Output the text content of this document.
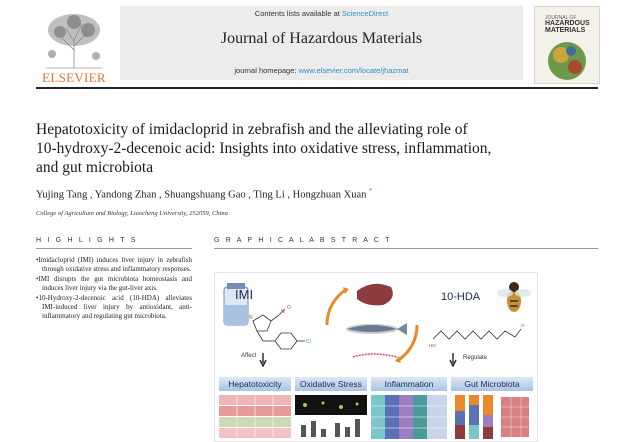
ELSEVIER
Contents lists available at ScienceDirect
Journal of Hazardous Materials
journal homepage: www.elsevier.com/locate/jhazmat
JOURNAL OF
HAZARDOUS MATERIALS
Hepatotoxicity of imidacloprid in zebrafish and the alleviating role of
10-hydroxy-2-decenoic acid: Insights into oxidative stress, inflammation,
and gut microbiota
Yujing Tang , Yandong Zhan , Shuangshuang Gao , Ting Li , Hongzhuan Xuan *
College of Agriculture and Biology, Liaocheng University, 252059, China
H I G H L I G H T S
• Imidacloprid (IMI) induces liver injury in zebrafish through oxidative stress and inflammatory responses.
• IMI disrupts the gut microbiota homeostasis and induces liver injury via the gut-liver axis.
• 10-Hydroxy-2-decenoic acid (10-HDA) alleviates IMI-induced liver injury by antioxidant, anti-inflammatory and regulating gut microbiota.
G R A P H I C A L A B S T R A C T
IMI
N
O
N
Cl
Affect
10-HDA
HO
O
Regulate
Hepatotoxicity	Oxidative Stress	Inflammation	Gut Microbiota
